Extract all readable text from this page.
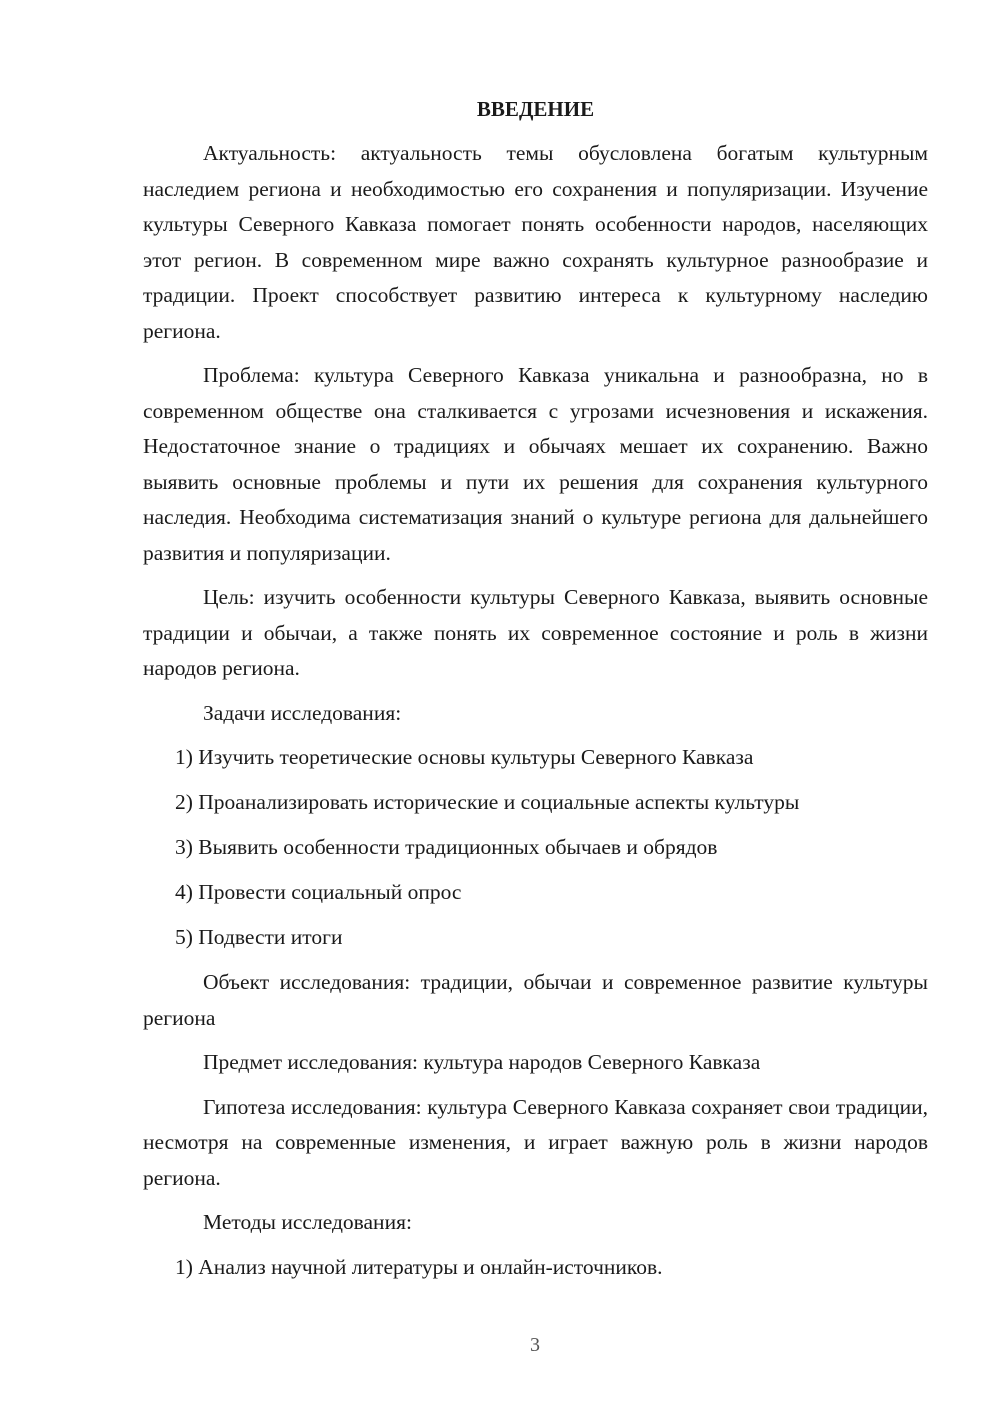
ВВЕДЕНИЕ

Актуальность: актуальность темы обусловлена богатым культурным наследием региона и необходимостью его сохранения и популяризации. Изучение культуры Северного Кавказа помогает понять особенности народов, населяющих этот регион. В современном мире важно сохранять культурное разнообразие и традиции. Проект способствует развитию интереса к культурному наследию региона.

Проблема: культура Северного Кавказа уникальна и разнообразна, но в современном обществе она сталкивается с угрозами исчезновения и искажения. Недостаточное знание о традициях и обычаях мешает их сохранению. Важно выявить основные проблемы и пути их решения для сохранения культурного наследия. Необходима систематизация знаний о культуре региона для дальнейшего развития и популяризации.

Цель: изучить особенности культуры Северного Кавказа, выявить основные традиции и обычаи, а также понять их современное состояние и роль в жизни народов региона.

Задачи исследования:

1) Изучить теоретические основы культуры Северного Кавказа

2) Проанализировать исторические и социальные аспекты культуры

3) Выявить особенности традиционных обычаев и обрядов

4) Провести социальный опрос

5) Подвести итоги

Объект исследования: традиции, обычаи и современное развитие культуры региона

Предмет исследования: культура народов Северного Кавказа

Гипотеза исследования: культура Северного Кавказа сохраняет свои традиции, несмотря на современные изменения, и играет важную роль в жизни народов региона.

Методы исследования:

1) Анализ научной литературы и онлайн-источников.

3
